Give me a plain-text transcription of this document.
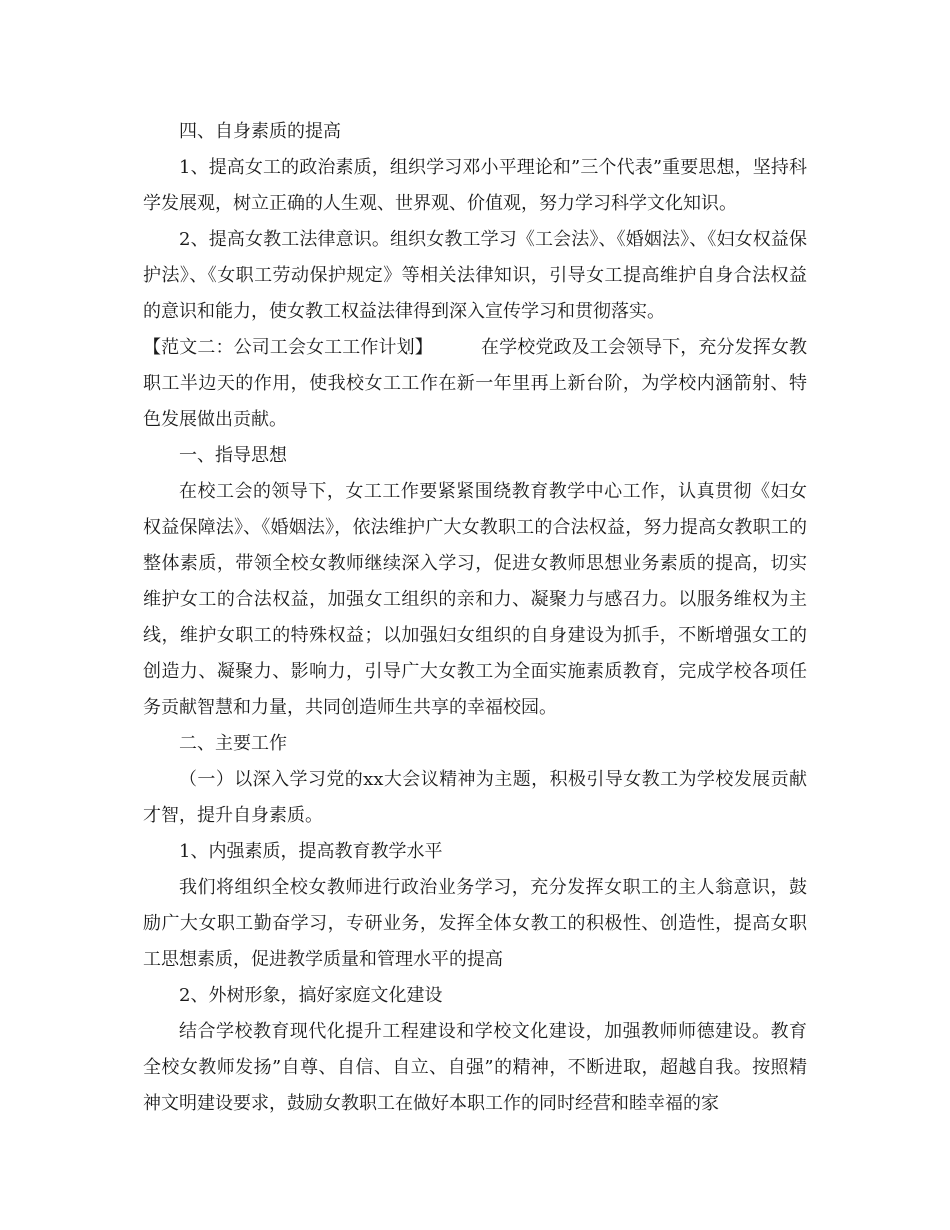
四、自身素质的提高

1、提高女工的政治素质，组织学习邓小平理论和”三个代表”重要思想，坚持科学发展观，树立正确的人生观、世界观、价值观，努力学习科学文化知识。

2、提高女教工法律意识。组织女教工学习《工会法》、《婚姻法》、《妇女权益保护法》、《女职工劳动保护规定》等相关法律知识，引导女工提高维护自身合法权益的意识和能力，使女教工权益法律得到深入宣传学习和贯彻落实。

【范文二：公司工会女工工作计划】	在学校党政及工会领导下，充分发挥女教职工半边天的作用，使我校女工工作在新一年里再上新台阶，为学校内涵箭射、特色发展做出贡献。

一、指导思想

在校工会的领导下，女工工作要紧紧围绕教育教学中心工作，认真贯彻《妇女权益保障法》、《婚姻法》，依法维护广大女教职工的合法权益，努力提高女教职工的整体素质，带领全校女教师继续深入学习，促进女教师思想业务素质的提高，切实维护女工的合法权益，加强女工组织的亲和力、凝聚力与感召力。以服务维权为主线，维护女职工的特殊权益；以加强妇女组织的自身建设为抓手，不断增强女工的创造力、凝聚力、影响力，引导广大女教工为全面实施素质教育，完成学校各项任务贡献智慧和力量，共同创造师生共享的幸福校园。

二、主要工作

（一）以深入学习党的xx大会议精神为主题，积极引导女教工为学校发展贡献才智，提升自身素质。

1、内强素质，提高教育教学水平

我们将组织全校女教师进行政治业务学习，充分发挥女职工的主人翁意识，鼓励广大女职工勤奋学习，专研业务，发挥全体女教工的积极性、创造性，提高女职工思想素质，促进教学质量和管理水平的提高

2、外树形象，搞好家庭文化建设

结合学校教育现代化提升工程建设和学校文化建设，加强教师师德建设。教育全校女教师发扬”自尊、自信、自立、自强”的精神，不断进取，超越自我。按照精神文明建设要求，鼓励女教职工在做好本职工作的同时经营和睦幸福的家
